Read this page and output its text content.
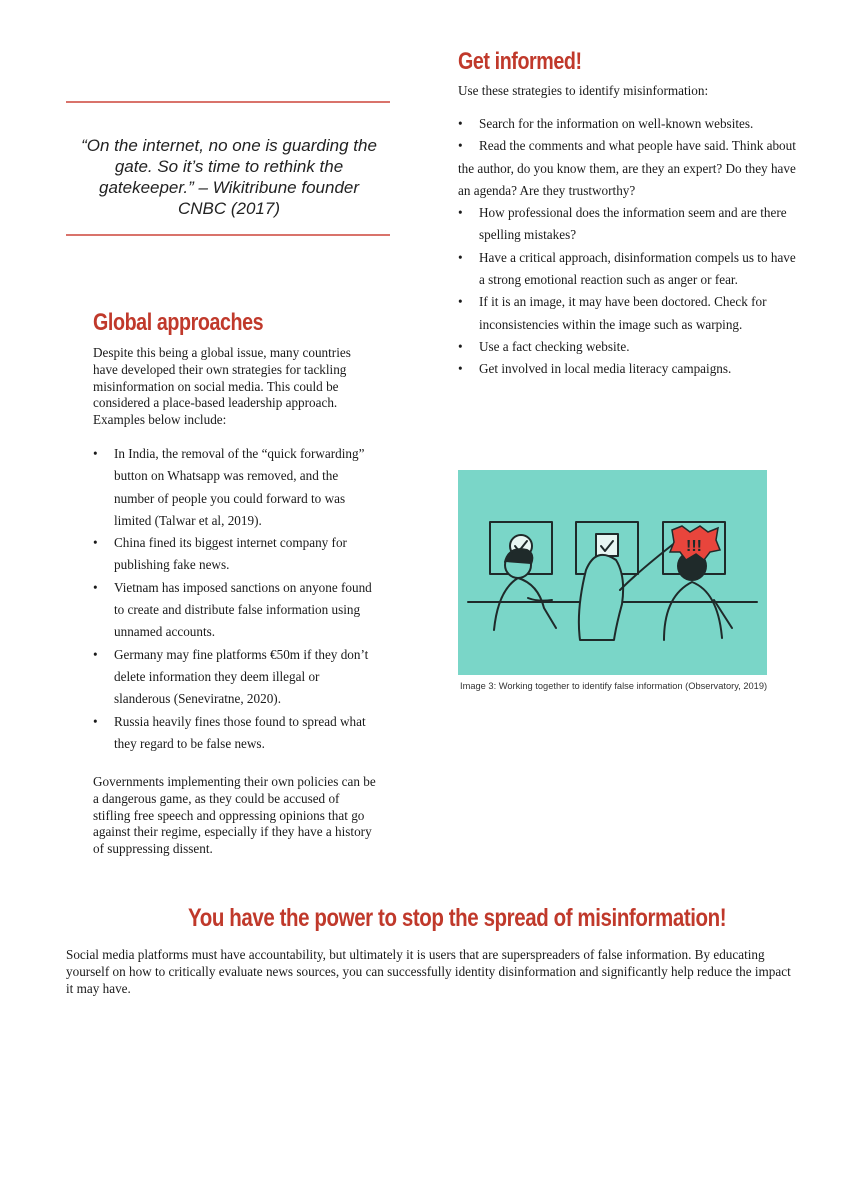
“On the internet, no one is guarding the gate. So it’s time to rethink the gatekeeper.” – Wikitribune founder CNBC (2017)
Get informed!

Use these strategies to identify misinformation:

• Search for the information on well-known websites.
• Read the comments and what people have said. Think about the author, do you know them, are they an expert? Do they have an agenda? Are they trustworthy?
• How professional does the information seem and are there spelling mistakes?
• Have a critical approach, disinformation compels us to have a strong emotional reaction such as anger or fear.
• If it is an image, it may have been doctored. Check for inconsistencies within the image such as warping.
• Use a fact checking website.
• Get involved in local media literacy campaigns.
Global approaches

Despite this being a global issue, many countries have developed their own strategies for tackling misinformation on social media. This could be considered a place-based leadership approach. Examples below include:

• In India, the removal of the “quick forwarding” button on Whatsapp was removed, and the number of people you could forward to was limited (Talwar et al, 2019).
• China fined its biggest internet company for publishing fake news.
• Vietnam has imposed sanctions on anyone found to create and distribute false information using unnamed accounts.
• Germany may fine platforms €50m if they don’t delete information they deem illegal or slanderous (Seneviratne, 2020).
• Russia heavily fines those found to spread what they regard to be false news.

Governments implementing their own policies can be a dangerous game, as they could be accused of stifling free speech and oppressing opinions that go against their regime, especially if they have a history of suppressing dissent.

!!!
Image 3: Working together to identify false information (Observatory, 2019)
You have the power to stop the spread of misinformation!

Social media platforms must have accountability, but ultimately it is users that are superspreaders of false information. By educating yourself on how to critically evaluate news sources, you can successfully identity disinformation and significantly help reduce the impact it may have.
